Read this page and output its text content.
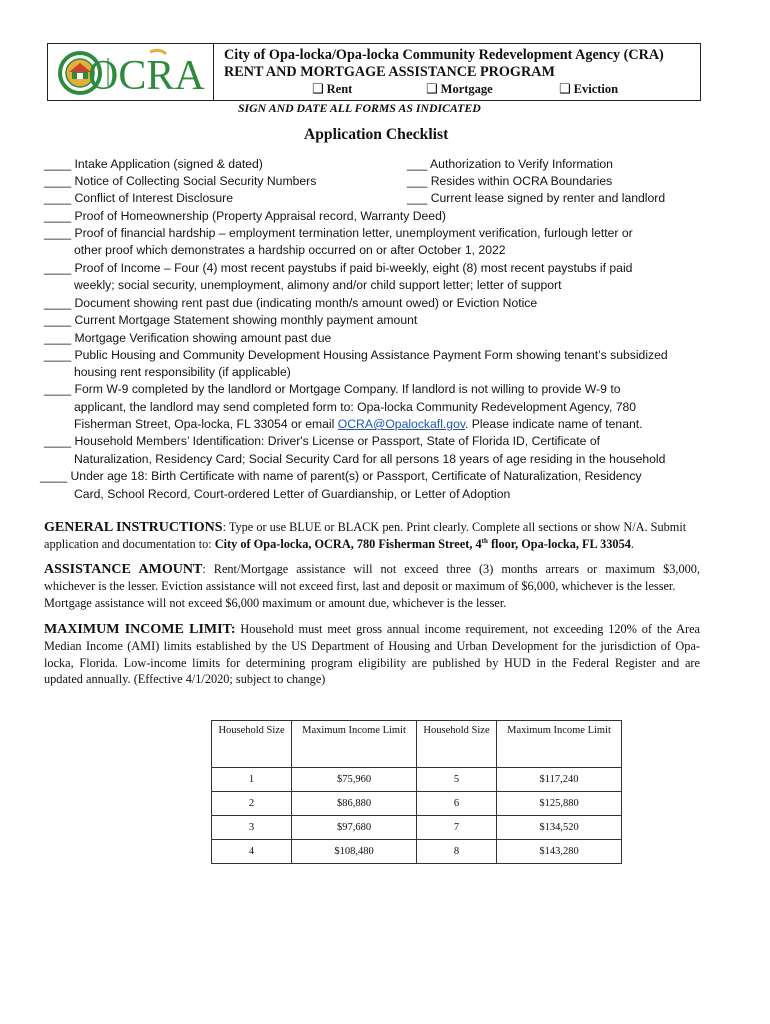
OCRA City of Opa-locka/Opa-locka Community Redevelopment Agency (CRA)
RENT AND MORTGAGE ASSISTANCE PROGRAM
❑ Rent	❑ Mortgage	❑ Eviction
SIGN AND DATE ALL FORMS AS INDICATED
Application Checklist
____ Intake Application (signed & dated)	___ Authorization to Verify Information
____ Notice of Collecting Social Security Numbers	___ Resides within OCRA Boundaries
____ Conflict of Interest Disclosure	___ Current lease signed by renter and landlord
____ Proof of Homeownership (Property Appraisal record, Warranty Deed)
____ Proof of financial hardship – employment termination letter, unemployment verification, furlough letter or
other proof which demonstrates a hardship occurred on or after October 1, 2022
____ Proof of Income – Four (4) most recent paystubs if paid bi-weekly, eight (8) most recent paystubs if paid
weekly; social security, unemployment, alimony and/or child support letter; letter of support
____ Document showing rent past due (indicating month/s amount owed) or Eviction Notice
____ Current Mortgage Statement showing monthly payment amount
____ Mortgage Verification showing amount past due
____ Public Housing and Community Development Housing Assistance Payment Form showing tenant’s subsidized
housing rent responsibility (if applicable)
____ Form W-9 completed by the landlord or Mortgage Company. If landlord is not willing to provide W-9 to
applicant, the landlord may send completed form to: Opa-locka Community Redevelopment Agency, 780
Fisherman Street, Opa-locka, FL 33054 or email OCRA@Opalockafl.gov. Please indicate name of tenant.
____ Household Members’ Identification: Driver's License or Passport, State of Florida ID, Certificate of
Naturalization, Residency Card; Social Security Card for all persons 18 years of age residing in the household
____ Under age 18: Birth Certificate with name of parent(s) or Passport, Certificate of Naturalization, Residency
Card, School Record, Court-ordered Letter of Guardianship, or Letter of Adoption
GENERAL INSTRUCTIONS: Type or use BLUE or BLACK pen. Print clearly. Complete all sections or show N/A. Submit
application and documentation to: City of Opa-locka, OCRA, 780 Fisherman Street, 4th floor, Opa-locka, FL 33054.
ASSISTANCE AMOUNT: Rent/Mortgage assistance will not exceed three (3) months arrears or maximum $3,000,
whichever is the lesser. Eviction assistance will not exceed first, last and deposit or maximum of $6,000, whichever is the lesser.
Mortgage assistance will not exceed $6,000 maximum or amount due, whichever is the lesser.
MAXIMUM INCOME LIMIT: Household must meet gross annual income requirement, not exceeding 120% of the Area
Median Income (AMI) limits established by the US Department of Housing and Urban Development for the jurisdiction of Opa-
locka, Florida. Low-income limits for determining program eligibility are published by HUD in the Federal Register and are
updated annually. (Effective 4/1/2020; subject to change)
Household Size	Maximum Income Limit	Household Size	Maximum Income Limit
1	$75,960	5	$117,240
2	$86,880	6	$125,880
3	$97,680	7	$134,520
4	$108,480	8	$143,280
